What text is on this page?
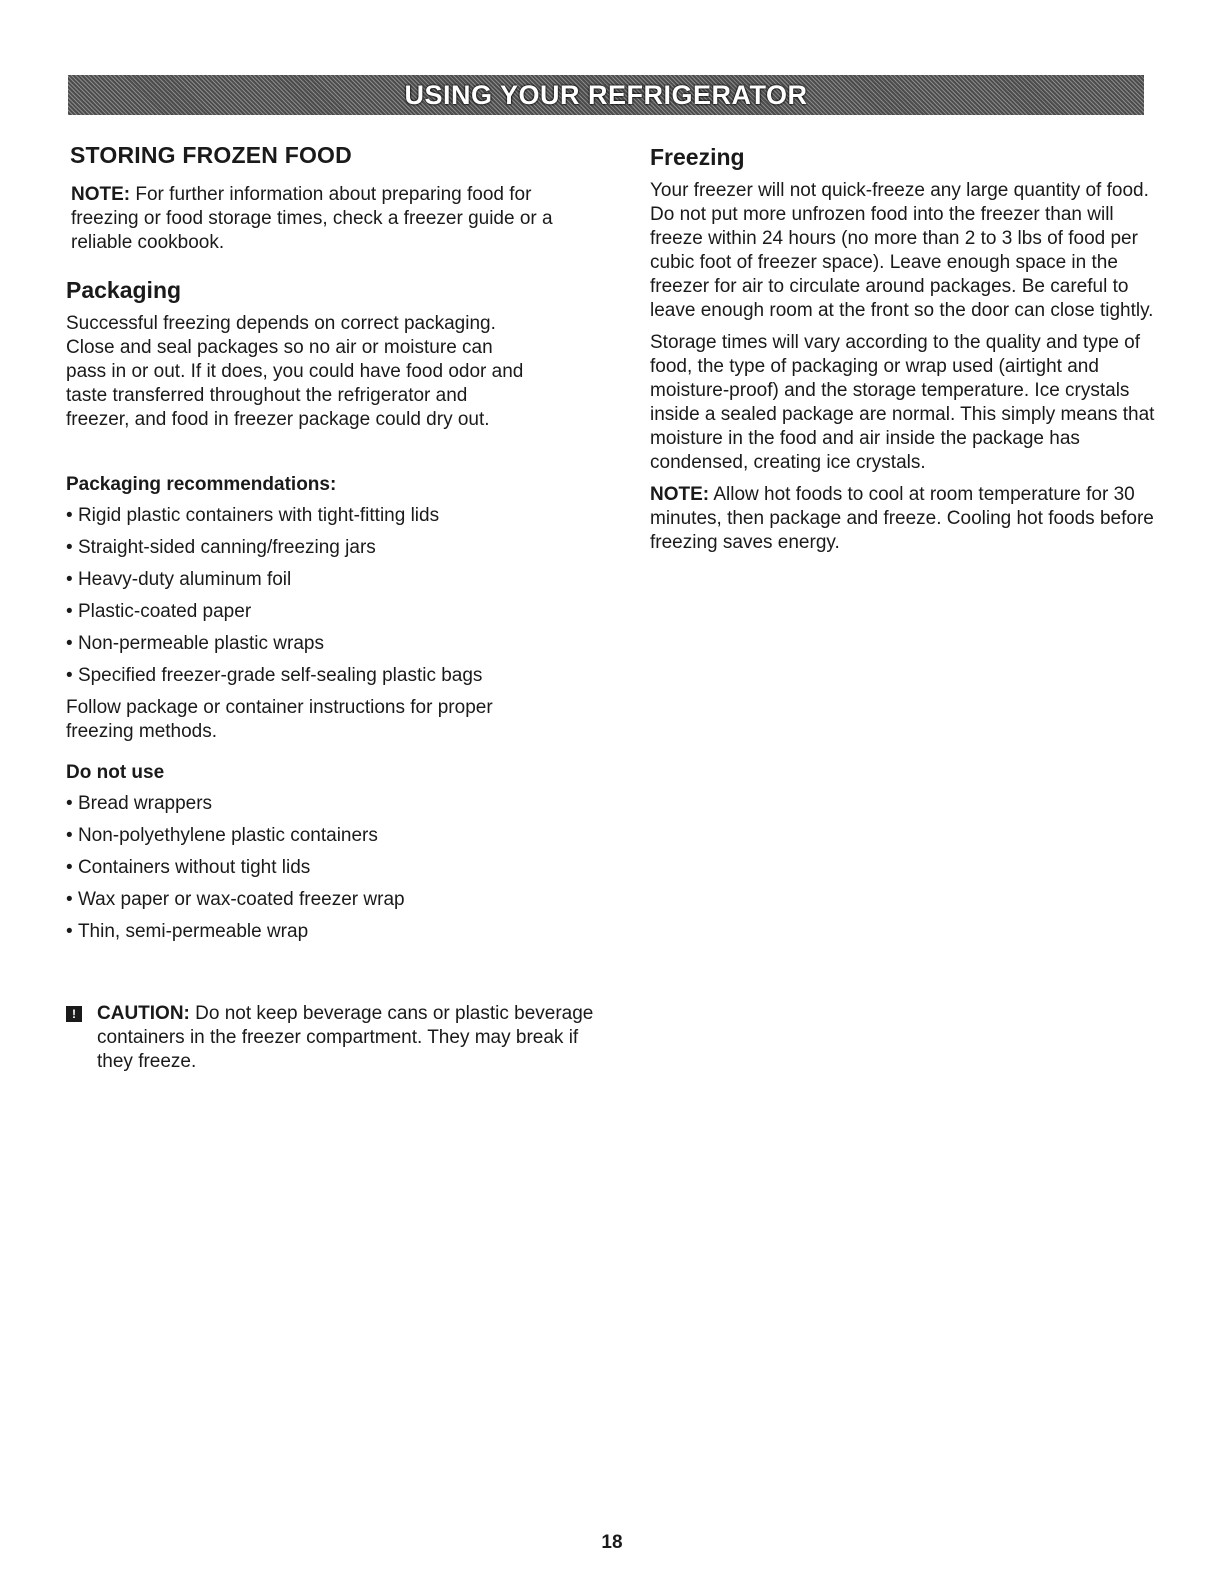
USING YOUR REFRIGERATOR
STORING FROZEN FOOD

NOTE: For further information about preparing food for freezing or food storage times, check a freezer guide or a reliable cookbook.

Packaging

Successful freezing depends on correct packaging. Close and seal packages so no air or moisture can pass in or out. If it does, you could have food odor and taste transferred throughout the refrigerator and freezer, and food in freezer package could dry out.

Packaging recommendations:
• Rigid plastic containers with tight-fitting lids
• Straight-sided canning/freezing jars
• Heavy-duty aluminum foil
• Plastic-coated paper
• Non-permeable plastic wraps
• Specified freezer-grade self-sealing plastic bags

Follow package or container instructions for proper freezing methods.

Do not use
• Bread wrappers
• Non-polyethylene plastic containers
• Containers without tight lids
• Wax paper or wax-coated freezer wrap
• Thin, semi-permeable wrap
!	CAUTION: Do not keep beverage cans or plastic beverage containers in the freezer compartment. They may break if they freeze.

Freezing

Your freezer will not quick-freeze any large quantity of food. Do not put more unfrozen food into the freezer than will freeze within 24 hours (no more than 2 to 3 lbs of food per cubic foot of freezer space). Leave enough space in the freezer for air to circulate around packages. Be careful to leave enough room at the front so the door can close tightly.

Storage times will vary according to the quality and type of food, the type of packaging or wrap used (airtight and moisture-proof) and the storage temperature. Ice crystals inside a sealed package are normal. This simply means that moisture in the food and air inside the package has condensed, creating ice crystals.

NOTE: Allow hot foods to cool at room temperature for 30 minutes, then package and freeze. Cooling hot foods before freezing saves energy.

18
